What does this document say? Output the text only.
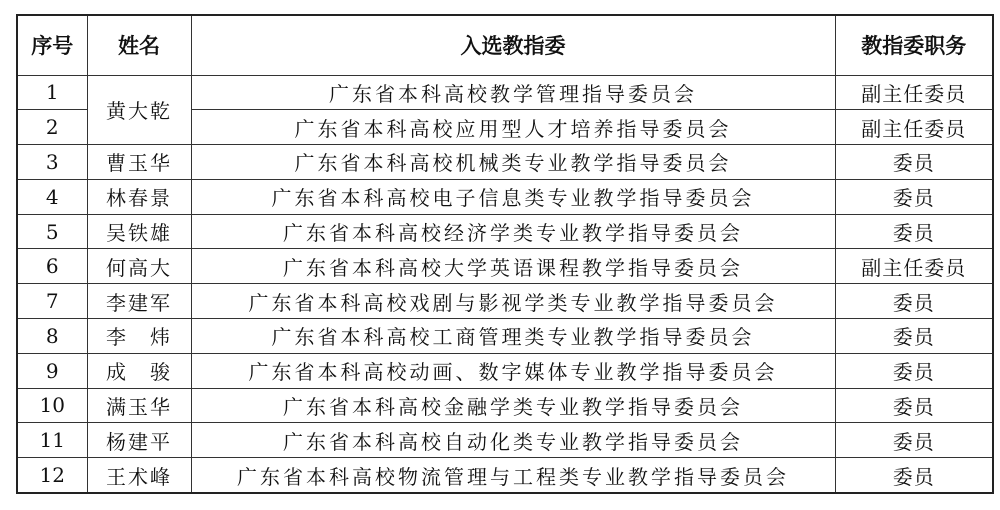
序号	姓名	入选教指委	教指委职务
1	黄大乾	广东省本科高校教学管理指导委员会	副主任委员
2		广东省本科高校应用型人才培养指导委员会	副主任委员
3	曹玉华	广东省本科高校机械类专业教学指导委员会	委员
4	林春景	广东省本科高校电子信息类专业教学指导委员会	委员
5	吴铁雄	广东省本科高校经济学类专业教学指导委员会	委员
6	何高大	广东省本科高校大学英语课程教学指导委员会	副主任委员
7	李建军	广东省本科高校戏剧与影视学类专业教学指导委员会	委员
8	李　炜	广东省本科高校工商管理类专业教学指导委员会	委员
9	成　骏	广东省本科高校动画、数字媒体专业教学指导委员会	委员
10	满玉华	广东省本科高校金融学类专业教学指导委员会	委员
11	杨建平	广东省本科高校自动化类专业教学指导委员会	委员
12	王术峰	广东省本科高校物流管理与工程类专业教学指导委员会	委员
